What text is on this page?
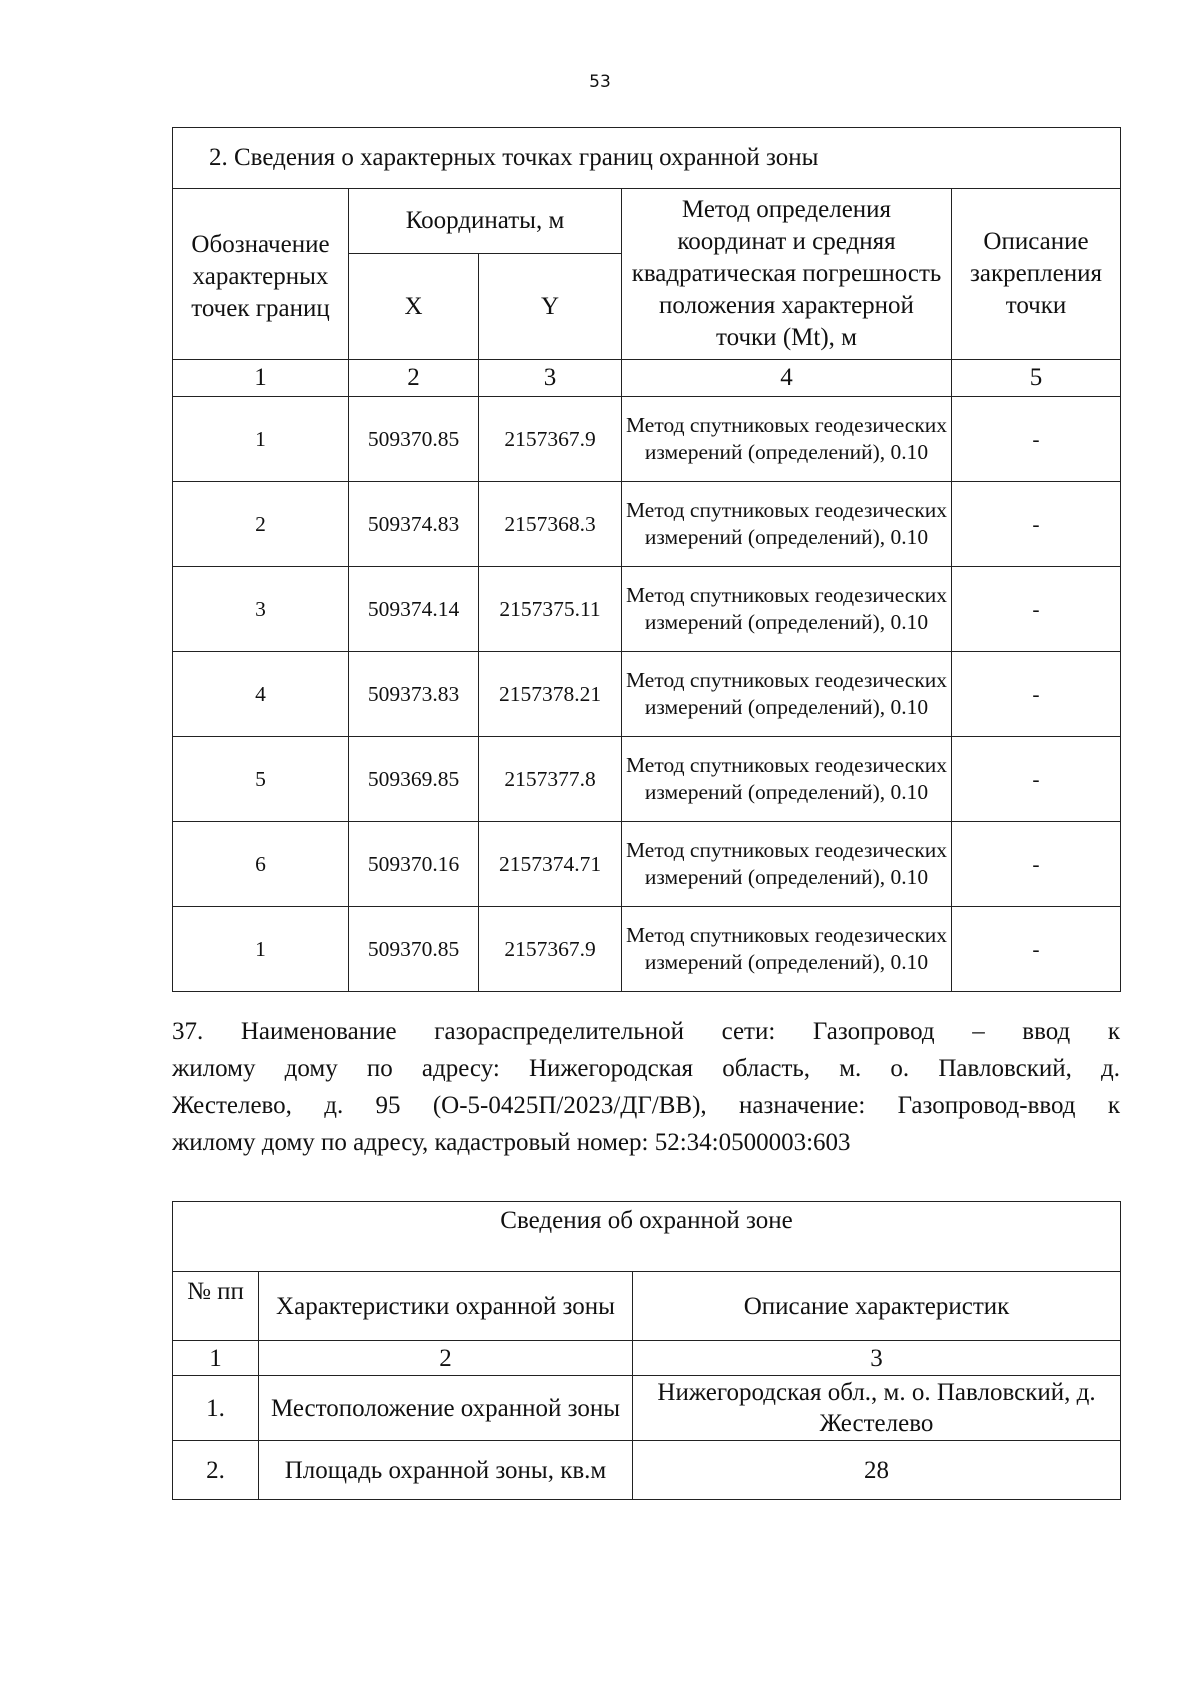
53
2. Сведения о характерных точках границ охранной зоны				
Обозначение характерных точек границ	Координаты, м		Метод определения координат и средняя квадратическая погрешность положения характерной точки (Mt), м	Описание закрепления точки
	X	Y		
1	2	3	4	5
1	509370.85	2157367.9	Метод спутниковых геодезических измерений (определений), 0.10	-
2	509374.83	2157368.3	Метод спутниковых геодезических измерений (определений), 0.10	-
3	509374.14	2157375.11	Метод спутниковых геодезических измерений (определений), 0.10	-
4	509373.83	2157378.21	Метод спутниковых геодезических измерений (определений), 0.10	-
5	509369.85	2157377.8	Метод спутниковых геодезических измерений (определений), 0.10	-
6	509370.16	2157374.71	Метод спутниковых геодезических измерений (определений), 0.10	-
1	509370.85	2157367.9	Метод спутниковых геодезических измерений (определений), 0.10	-
37. Наименование газораспределительной сети: Газопровод – ввод к
жилому дому по адресу: Нижегородская область, м. о. Павловский, д.
Жестелево, д. 95 (О-5-0425П/2023/ДГ/ВВ), назначение: Газопровод-ввод к
жилому дому по адресу, кадастровый номер: 52:34:0500003:603
Сведения об охранной зоне		
№ пп	Характеристики охранной зоны	Описание характеристик
1	2	3
1.	Местоположение охранной зоны	Нижегородская обл., м. о. Павловский, д. Жестелево
2.	Площадь охранной зоны, кв.м	28
